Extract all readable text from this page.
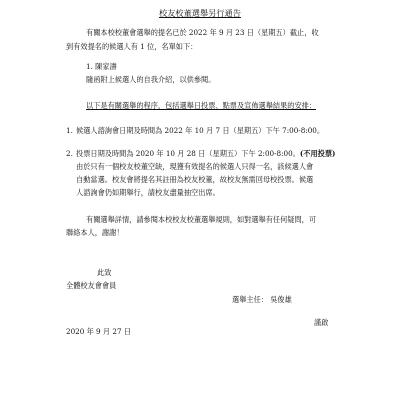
校友校董選舉另行通告
有關本校校董會選舉的提名已於 2022 年 9 月 23 日（星期五）截止，收
到有效提名的候選人有 1 位，名單如下：
1. 陳家濤
隨函附上候選人的自我介紹，以供參閱。
以下是有關選舉的程序，包括選舉日投票、點票及宣佈選舉結果的安排：
1. 候選人諮詢會日期及時間為 2022 年 10 月 7 日（星期五）下午 7:00-8:00。
2. 投票日期及時間為 2020 年 10 月 28 日（星期五）下午 2:00-8:00。(不用投票)
由於只有一個校友校董空缺，現獲有效提名的候選人只得一名，該候選人會
自動當選。校友會將提名其註冊為校友校董，故校友無需回母校投票。候選
人諮詢會仍如期舉行，請校友盡量抽空出席。
有關選舉詳情，請參閱本校校友校董選舉規則，如對選舉有任何疑問，可
聯絡本人，謝謝！
此致
全體校友會會員
選舉主任： 吳俊雄
謹啟
2020 年 9 月 27 日
